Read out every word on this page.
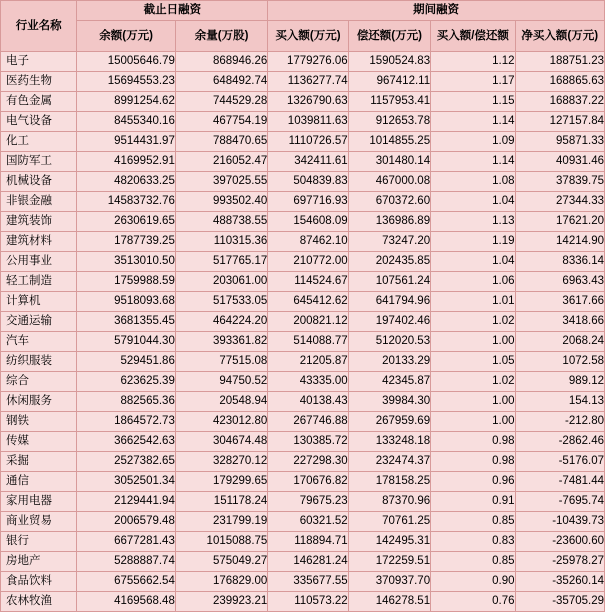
行业名称	截止日融资		期间融资			
	余额(万元)	余量(万股)	买入额(万元)	偿还额(万元)	买入额/偿还额	净买入额(万元)
电子	15005646.79	868946.26	1779276.06	1590524.83	1.12	188751.23
医药生物	15694553.23	648492.74	1136277.74	967412.11	1.17	168865.63
有色金属	8991254.62	744529.28	1326790.63	1157953.41	1.15	168837.22
电气设备	8455340.16	467754.19	1039811.63	912653.78	1.14	127157.84
化工	9514431.97	788470.65	1110726.57	1014855.25	1.09	95871.33
国防军工	4169952.91	216052.47	342411.61	301480.14	1.14	40931.46
机械设备	4820633.25	397025.55	504839.83	467000.08	1.08	37839.75
非银金融	14583732.76	993502.40	697716.93	670372.60	1.04	27344.33
建筑装饰	2630619.65	488738.55	154608.09	136986.89	1.13	17621.20
建筑材料	1787739.25	110315.36	87462.10	73247.20	1.19	14214.90
公用事业	3513010.50	517765.17	210772.00	202435.85	1.04	8336.14
轻工制造	1759988.59	203061.00	114524.67	107561.24	1.06	6963.43
计算机	9518093.68	517533.05	645412.62	641794.96	1.01	3617.66
交通运输	3681355.45	464224.20	200821.12	197402.46	1.02	3418.66
汽车	5791044.30	393361.82	514088.77	512020.53	1.00	2068.24
纺织服装	529451.86	77515.08	21205.87	20133.29	1.05	1072.58
综合	623625.39	94750.52	43335.00	42345.87	1.02	989.12
休闲服务	882565.36	20548.94	40138.43	39984.30	1.00	154.13
钢铁	1864572.73	423012.80	267746.88	267959.69	1.00	-212.80
传媒	3662542.63	304674.48	130385.72	133248.18	0.98	-2862.46
采掘	2527382.65	328270.12	227298.30	232474.37	0.98	-5176.07
通信	3052501.34	179299.65	170676.82	178158.25	0.96	-7481.44
家用电器	2129441.94	151178.24	79675.23	87370.96	0.91	-7695.74
商业贸易	2006579.48	231799.19	60321.52	70761.25	0.85	-10439.73
银行	6677281.43	1015088.75	118894.71	142495.31	0.83	-23600.60
房地产	5288887.74	575049.27	146281.24	172259.51	0.85	-25978.27
食品饮料	6755662.54	176829.00	335677.55	370937.70	0.90	-35260.14
农林牧渔	4169568.48	239923.21	110573.22	146278.51	0.76	-35705.29
